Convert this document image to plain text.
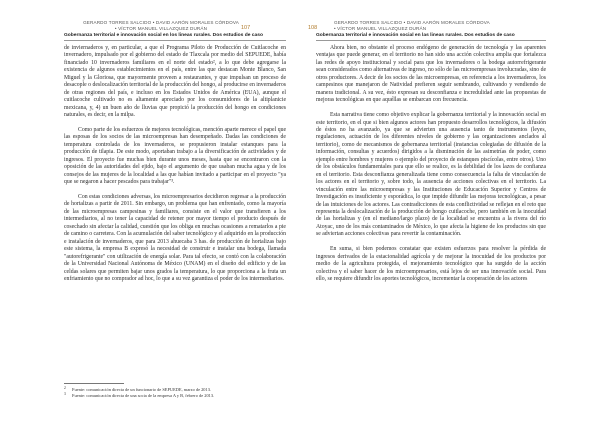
GERARDO TORRES SALCIDO • DAVID AARÓN MORALES CÓRDOVA
• VÍCTOR MANUEL VILLAZQUEZ DURÁN
Gobernanza territorial e innovación social en los lineas rurales. Dos estudios de caso
107

de inviernaderos y, en particular, a que el Programa Piloto de Producción de Cuitlacoche en invernadero, impulsado por el gobierno del estado de Tlaxcala por medio del SEPUEDE, había financiado 10 invernaderos familiares en el norte del estado², a lo que debe agregarse la existencia de algunos establecimientos en el país, entre las que destacan Monte Blanco, San Miguel y la Gloriosa, que mayormente proveen a restaurantes, y que impulsan un proceso de desacople o deslocalización territorial de la producción del hongo, al producirse en invernaderos de otras regiones del país, e incluso en los Estados Unidos de América (EUA), aunque el cuitlacoche cultivado no es altamente apreciado por los consumidores de la altiplanicie mexicana, y, 4) un buen año de lluvias que propició la producción del hongo en condiciones naturales, es decir, en la milpa.

Como parte de los esfuerzos de mejores tecnológicas, mención aparte merece el papel que las esposas de los socios de las microempresas han desempeñado. Dadas las condiciones de temperatura controlada de los invernaderos, se propusieron instalar estanques para la producción de tilapia. De este modo, aportaban trabajo a la diversificación de actividades y de ingresos. El proyecto fue muchas bien durante unos meses, hasta que se encontraron con la oposición de las autoridades del ejido, bajo el argumento de que usaban mucha agua y de los consejos de las mujeres de la localidad a las que habían invitado a participar en el proyecto "ya que se negaron a hacer pescados para trabajar"³.

Con estas condiciones adversas, los microempresarios decidieron regresar a la producción de hortalizas a partir de 2011. Sin embargo, un problema que han enfrentado, como la mayoría de las microempresas campesinas y familiares, consiste en el valor que transfieren a los intermediarios, al no tener la capacidad de retener por mayor tiempo el producto después de cosechado sin afectar la calidad, cuestión que los obliga en muchas ocasiones a rematarlos a pie de camino o carretera. Con la acumulación del saber tecnológico y el adquirido en la producción e instalación de invernaderos, que para 2013 ahuecaba 3 has. de producción de hortalizas bajo este sistema, la empresa B expresó la necesidad de construir e instalar una bodega, llamada "autorefrigerante" con utilización de energía solar. Para tal efecto, se contó con la colaboración de la Universidad Nacional Autónoma de México (UNAM) en el diseño del edificio y de las celdas solares que permiten bajar unos grados la temperatura, lo que proporciona a la fruta un enfriamiento que no comprador ad hoc, lo que a su vez garantiza el poder de los intermediarios.

2 Fuente: comunicación directa de un funcionario de SEPUEDE, marzo de 2013.
3 Fuente: comunicación directa de una socia de la empresa A y B, febrero de 2013.
GERARDO TORRES SALCIDO • DAVID AARÓN MORALES CÓRDOVA
• VÍCTOR MANUEL VILLAZQUEZ DURÁN
Gobernanza territorial e innovación social en las lineas rurales. Dos estudios de caso
108

Ahora bien, no obstante el proceso endógeno de generación de tecnología y las aparentes ventajas que puede generar, en el territorio no han sido una acción colectiva amplia que fortalezca las redes de apoyo institucional y social para que los invernadores o la bodega autorrefrigerante sean considerados como alternativas de ingreso, no sólo de las microempresas involucradas, sino de otros productores. A decir de los socios de las microempresas, en referencia a los invernaderos, los campesinos que manejaron de Natividad prefieren seguir sembrando, cultivando y vendiendo de manera tradicional. A su vez, ésto expresan su desconfianza e incredulidad ante las propuestas de mejoras tecnológicas en que aquéllas se embarcan con frecuencia.

Esta narrativa tiene como objetivo explicar la gobernanza territorial y la innovación social en este territorio, en el que si bien algunos actores han propuesto desarrollos tecnológicos, la difusión de éstos no ha avanzado, ya que se advierten una ausencia tanto de instrumentos (leyes, regulaciones, actuación de los diferentes niveles de gobierno y las organizaciones anclados al territorio), como de mecanismos de gobernanza territorial (instancias colegiadas de difusión de la información, consultas y acuerdos) dirigidos a la disminución de las asimetrías de poder, como ejemplo entre hombres y mujeres o ejemplo del proyecto de estanques piscícolas, entre otros). Uno de los obstáculos fundamentales para que ello se realice, es la debilidad de los lazos de confianza en el territorio. Esta desconfianza generalizada tiene como consecuencia la falta de vinculación de los actores en el territorio y, sobre todo, la ausencia de acciones colectivas en el territorio. La vinculación entre las microempresas y las Instituciones de Educación Superior y Centros de Investigación es insuficiente y esporádica, lo que impide difundir las mejoras tecnológicas, a pesar de las intuiciones de los actores. Las contradicciones de esta conflictividad se reflejan en el reto que representa la deslocalización de la producción de hongo cuitlacoche, pero también en la inocuidad de las hortalizas y (en el mediano/largo plazo) de la localidad se encuentra a la rivera del río Atoyac, uno de los más contaminados de México, lo que afecta la higiene de los productos sin que se adviertan acciones colectivas para revertir la contaminación.

En suma, si bien podemos constatar que existen esfuerzos para resolver la pérdida de ingresos derivados de la estacionalidad agrícola y de mejorar la inocuidad de los productos por medio de la agricultura protegida, el mejoramiento tecnológico que ha surgido de la acción colectiva y el saber hacer de los microempresarios, está lejos de ser una innovación social. Para ello, se requiere difundir los aportes tecnológicos, incrementar la cooperación de los actores
